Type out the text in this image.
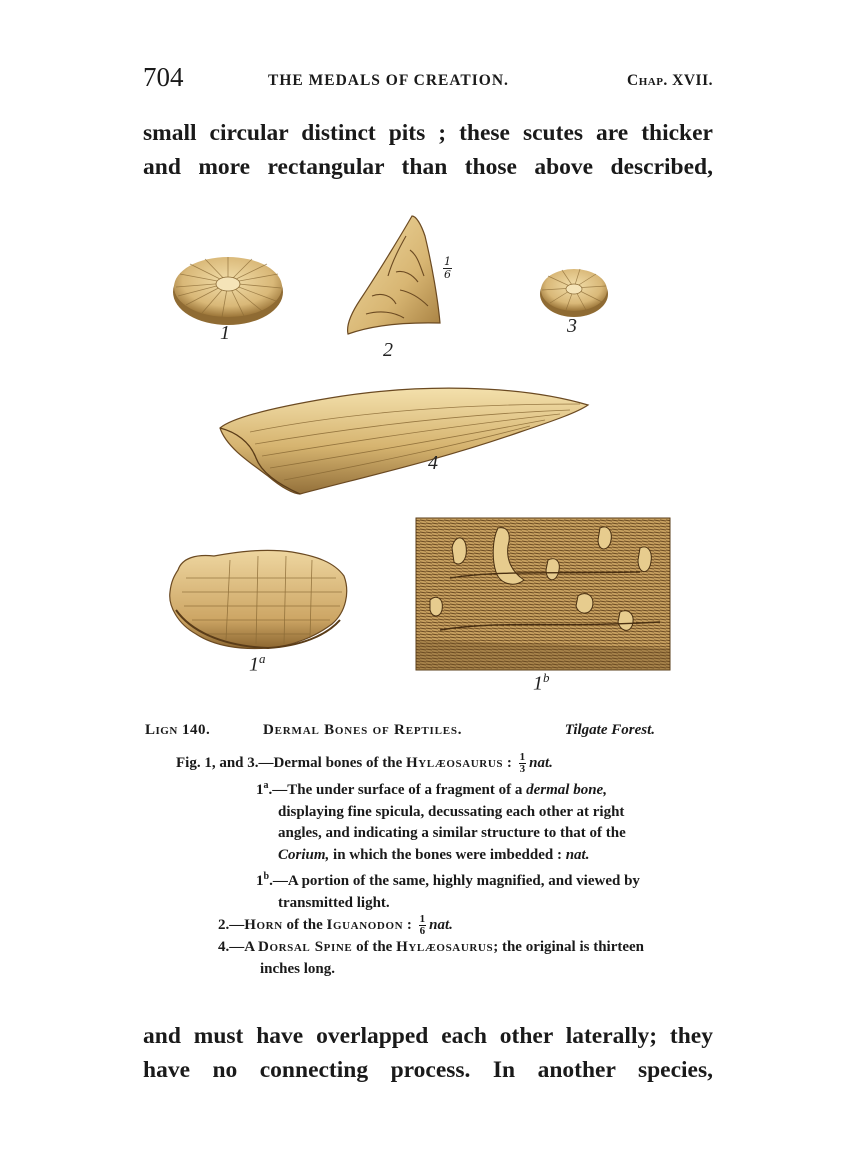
704	THE MEDALS OF CREATION.	Chap. XVII.
small circular distinct pits ; these scutes are thicker
and more rectangular than those above described,
1
2
3
4
1$^a$
1$^b$
$\frac{1}{6}$
Lign 140.	Dermal Bones of Reptiles.	Tilgate Forest.
Fig. 1, and 3.—Dermal bones of the Hylæosaurus : $\frac{1}{3}$ nat.
1$^a$.—The under surface of a fragment of a dermal bone, displaying fine spicula, decussating each other at right angles, and indicating a similar structure to that of the Corium, in which the bones were imbedded : nat.
1$^b$.—A portion of the same, highly magnified, and viewed by transmitted light.
2.—Horn of the Iguanodon : $\frac{1}{6}$ nat.
4.—A Dorsal Spine of the Hylæosaurus; the original is thirteen inches long.
and must have overlapped each other laterally; they
have no connecting process. In another species,
